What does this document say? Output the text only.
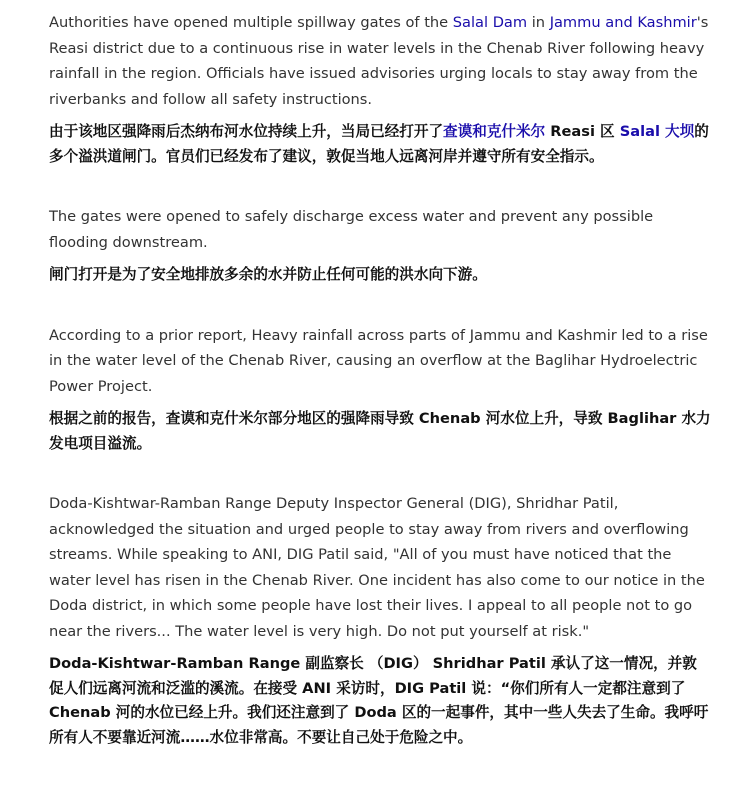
Authorities have opened multiple spillway gates of the Salal Dam in Jammu and Kashmir's Reasi district due to a continuous rise in water levels in the Chenab River following heavy rainfall in the region. Officials have issued advisories urging locals to stay away from the riverbanks and follow all safety instructions.

由于该地区强降雨后杰纳布河水位持续上升，当局已经打开了查谟和克什米尔 Reasi 区 Salal 大坝的多个溢洪道闸门。官员们已经发布了建议，敦促当地人远离河岸并遵守所有安全指示。

The gates were opened to safely discharge excess water and prevent any possible flooding downstream.

闸门打开是为了安全地排放多余的水并防止任何可能的洪水向下游。

According to a prior report, Heavy rainfall across parts of Jammu and Kashmir led to a rise in the water level of the Chenab River, causing an overflow at the Baglihar Hydroelectric Power Project.

根据之前的报告，查谟和克什米尔部分地区的强降雨导致 Chenab 河水位上升，导致 Baglihar 水力发电项目溢流。

Doda-Kishtwar-Ramban Range Deputy Inspector General (DIG), Shridhar Patil, acknowledged the situation and urged people to stay away from rivers and overflowing streams. While speaking to ANI, DIG Patil said, "All of you must have noticed that the water level has risen in the Chenab River. One incident has also come to our notice in the Doda district, in which some people have lost their lives. I appeal to all people not to go near the rivers... The water level is very high. Do not put yourself at risk."

Doda-Kishtwar-Ramban Range 副监察长 （DIG） Shridhar Patil 承认了这一情况，并敦促人们远离河流和泛滥的溪流。在接受 ANI 采访时，DIG Patil 说：“你们所有人一定都注意到了 Chenab 河的水位已经上升。我们还注意到了 Doda 区的一起事件，其中一些人失去了生命。我呼吁所有人不要靠近河流……水位非常高。不要让自己处于危险之中。
